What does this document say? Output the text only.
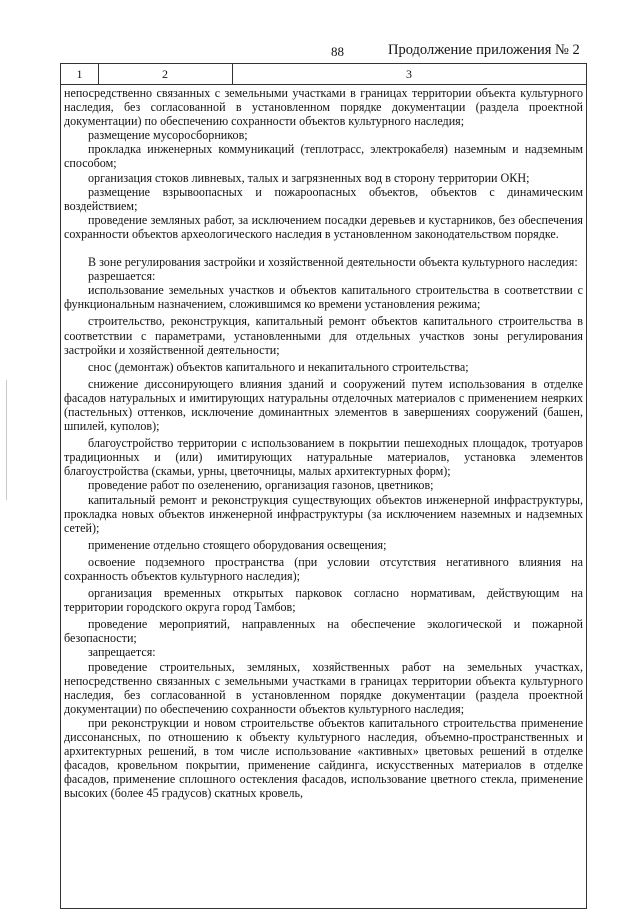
88	Продолжение приложения № 2
1	2	3

непосредственно связанных с земельными участками в границах территории объекта культурного наследия, без согласованной в установленном порядке документации (раздела проектной документации) по обеспечению сохранности объектов культурного наследия;

размещение мусоросборников;

прокладка инженерных коммуникаций (теплотрасс, электрокабеля) наземным и надземным способом;

организация стоков ливневых, талых и загрязненных вод в сторону территории ОКН;

размещение взрывоопасных и пожароопасных объектов, объектов с динамическим воздействием;

проведение земляных работ, за исключением посадки деревьев и кустарников, без обеспечения сохранности объектов археологического наследия в установленном законодательством порядке.

В зоне регулирования застройки и хозяйственной деятельности объекта культурного наследия:

разрешается:

использование земельных участков и объектов капитального строительства в соответствии с функциональным назначением, сложившимся ко времени установления режима;

строительство, реконструкция, капитальный ремонт объектов капитального строительства в соответствии с параметрами, установленными для отдельных участков зоны регулирования застройки и хозяйственной деятельности;

снос (демонтаж) объектов капитального и некапитального строительства;

снижение диссонирующего влияния зданий и сооружений путем использования в отделке фасадов натуральных и имитирующих натуральны отделочных материалов с применением неярких (пастельных) оттенков, исключение доминантных элементов в завершениях сооружений (башен, шпилей, куполов);

благоустройство территории с использованием в покрытии пешеходных площадок, тротуаров традиционных и (или) имитирующих натуральные материалов, установка элементов благоустройства (скамьи, урны, цветочницы, малых архитектурных форм);

проведение работ по озеленению, организация газонов, цветников;

капитальный ремонт и реконструкция существующих объектов инженерной инфраструктуры, прокладка новых объектов инженерной инфраструктуры (за исключением наземных и надземных сетей);

применение отдельно стоящего оборудования освещения;

освоение подземного пространства (при условии отсутствия негативного влияния на сохранность объектов культурного наследия);

организация временных открытых парковок согласно нормативам, действующим на территории городского округа город Тамбов;

проведение мероприятий, направленных на обеспечение экологической и пожарной безопасности;

запрещается:

проведение строительных, земляных, хозяйственных работ на земельных участках, непосредственно связанных с земельными участками в границах территории объекта культурного наследия, без согласованной в установленном порядке документации (раздела проектной документации) по обеспечению сохранности объектов культурного наследия;

при реконструкции и новом строительстве объектов капитального строительства применение диссонансных, по отношению к объекту культурного наследия, объемно-пространственных и архитектурных решений, в том числе использование «активных» цветовых решений в отделке фасадов, кровельном покрытии, применение сайдинга, искусственных материалов в отделке фасадов, применение сплошного остекления фасадов, использование цветного стекла, применение высоких (более 45 градусов) скатных кровель,
